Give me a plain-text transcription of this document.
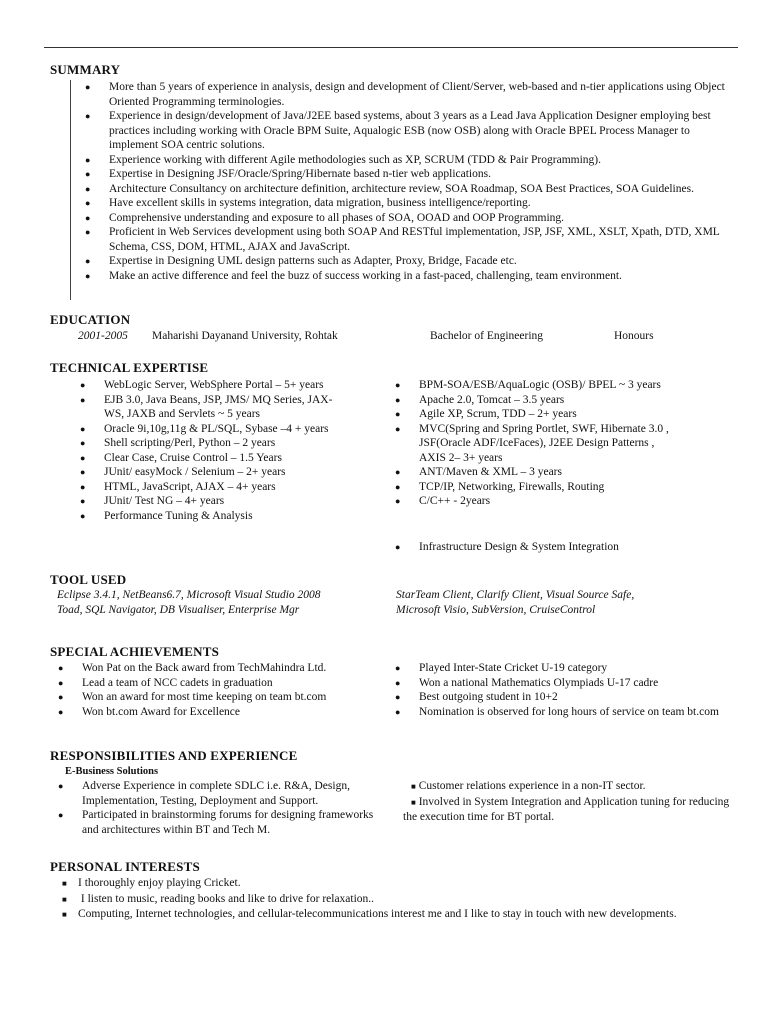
SUMMARY
●	More than 5 years of experience in analysis, design and development of Client/Server, web-based and n-tier applications using Object Oriented Programming terminologies.
●	Experience in design/development of Java/J2EE based systems, about 3 years as a Lead Java Application Designer employing best practices including working with Oracle BPM Suite, Aqualogic ESB (now OSB) along with Oracle BPEL Process Manager to implement SOA centric solutions.
●	Experience working with different Agile methodologies such as XP, SCRUM (TDD & Pair Programming).
●	Expertise in Designing JSF/Oracle/Spring/Hibernate based n-tier web applications.
●	Architecture Consultancy on architecture definition, architecture review, SOA Roadmap, SOA Best Practices, SOA Guidelines.
●	Have excellent skills in systems integration, data migration, business intelligence/reporting.
●	Comprehensive understanding and exposure to all phases of SOA, OOAD and OOP Programming.
●	Proficient in Web Services development using both SOAP And RESTful implementation, JSP, JSF, XML, XSLT, Xpath, DTD, XML Schema, CSS, DOM, HTML, AJAX and JavaScript.
●	Expertise in Designing UML design patterns such as Adapter, Proxy, Bridge, Facade etc.
●	Make an active difference and feel the buzz of success working in a fast-paced, challenging, team environment.
EDUCATION
2001-2005 Maharishi Dayanand University, Rohtak	Bachelor of Engineering	Honours
TECHNICAL EXPERTISE
●	WebLogic Server, WebSphere Portal – 5+ years
●	EJB 3.0, Java Beans, JSP, JMS/ MQ Series, JAX-WS, JAXB and Servlets ~ 5 years
●	Oracle 9i,10g,11g & PL/SQL, Sybase –4 + years
●	Shell scripting/Perl, Python – 2 years
●	Clear Case, Cruise Control – 1.5 Years
●	JUnit/ easyMock / Selenium – 2+ years
●	HTML, JavaScript, AJAX – 4+ years
●	JUnit/ Test NG – 4+ years
●	Performance Tuning & Analysis
●	BPM-SOA/ESB/AquaLogic (OSB)/ BPEL ~ 3 years
●	Apache 2.0, Tomcat – 3.5 years
●	Agile XP, Scrum, TDD – 2+ years
●	MVC(Spring and Spring Portlet, SWF, Hibernate 3.0 , JSF(Oracle ADF/IceFaces), J2EE Design Patterns , AXIS 2– 3+ years
●	ANT/Maven & XML – 3 years
●	TCP/IP, Networking, Firewalls, Routing
●	C/C++ - 2years
●	Infrastructure Design & System Integration
TOOL USED
Eclipse 3.4.1, NetBeans6.7, Microsoft Visual Studio 2008
Toad, SQL Navigator, DB Visualiser, Enterprise Mgr
StarTeam Client, Clarify Client, Visual Source Safe,
Microsoft Visio, SubVersion, CruiseControl
SPECIAL ACHIEVEMENTS
●	Won Pat on the Back award from TechMahindra Ltd.
●	Lead a team of NCC cadets in graduation
●	Won an award for most time keeping on team bt.com
●	Won bt.com Award for Excellence
●	Played Inter-State Cricket U-19 category
●	Won a national Mathematics Olympiads U-17 cadre
●	Best outgoing student in 10+2
●	Nomination is observed for long hours of service on team bt.com
RESPONSIBILITIES AND EXPERIENCE
E-Business Solutions
●	Adverse Experience in complete SDLC i.e. R&A, Design, Implementation, Testing, Deployment and Support.
●	Participated in brainstorming forums for designing frameworks and architectures within BT and Tech M.
■ Customer relations experience in a non-IT sector.
■ Involved in System Integration and Application tuning for reducing the execution time for BT portal.
PERSONAL INTERESTS
■ I thoroughly enjoy playing Cricket.
■ I listen to music, reading books and like to drive for relaxation..
■ Computing, Internet technologies, and cellular-telecommunications interest me and I like to stay in touch with new developments.
